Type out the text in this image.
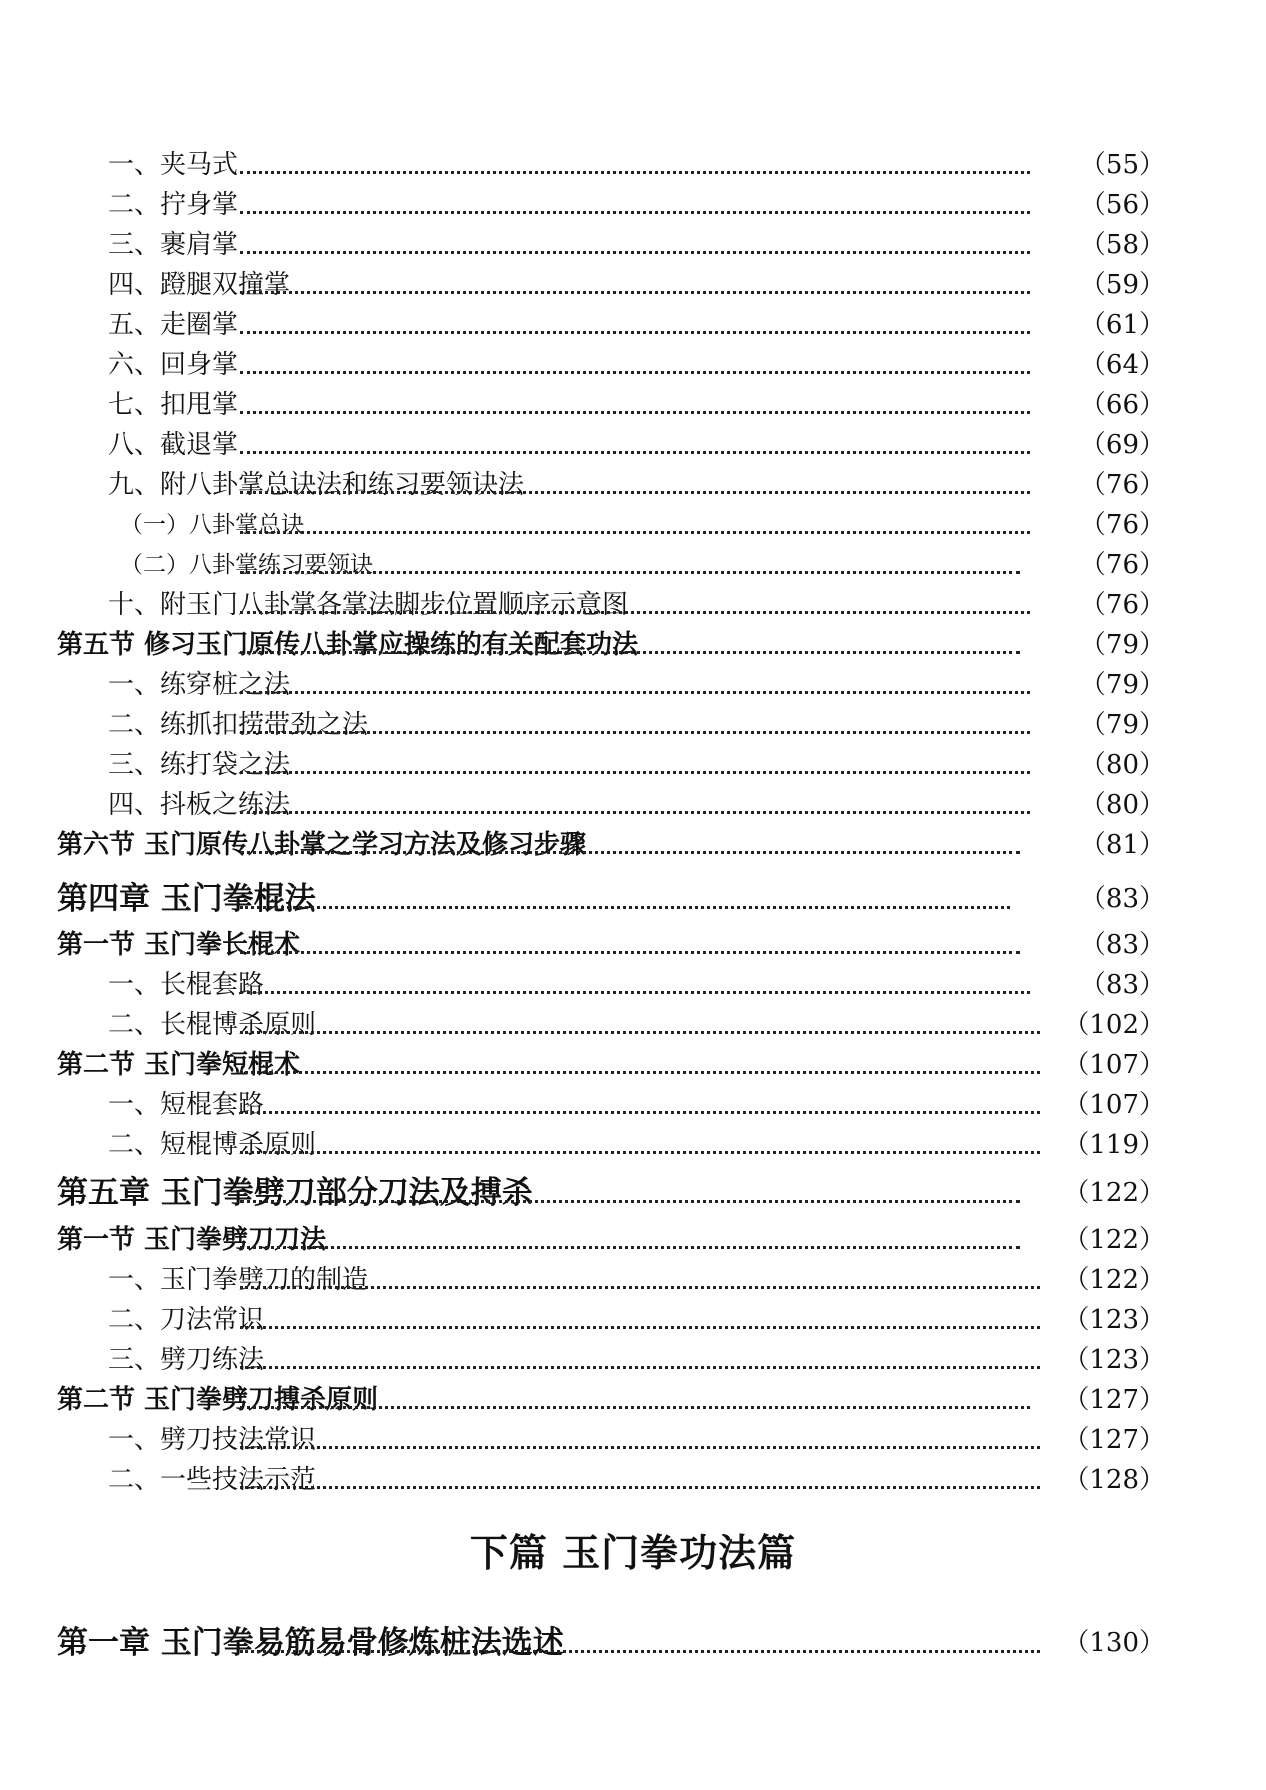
一、夹马式	（55）
二、拧身掌	（56）
三、裹肩掌	（58）
四、蹬腿双撞掌	（59）
五、走圈掌	（61）
六、回身掌	（64）
七、扣甩掌	（66）
八、截退掌	（69）
九、附八卦掌总诀法和练习要领诀法	（76）
（一）八卦掌总诀	（76）
（二）八卦掌练习要领诀	（76）
十、附玉门八卦掌各掌法脚步位置顺序示意图	（76）
第五节 修习玉门原传八卦掌应操练的有关配套功法	（79）
一、练穿桩之法	（79）
二、练抓扣捞带劲之法	（79）
三、练打袋之法	（80）
四、抖板之练法	（80）
第六节 玉门原传八卦掌之学习方法及修习步骤	（81）
第四章 玉门拳棍法	（83）
第一节 玉门拳长棍术	（83）
一、长棍套路	（83）
二、长棍博杀原则	（102）
第二节 玉门拳短棍术	（107）
一、短棍套路	（107）
二、短棍博杀原则	（119）
第五章 玉门拳劈刀部分刀法及搏杀	（122）
第一节 玉门拳劈刀刀法	（122）
一、玉门拳劈刀的制造	（122）
二、刀法常识	（123）
三、劈刀练法	（123）
第二节 玉门拳劈刀搏杀原则	（127）
一、劈刀技法常识	（127）
二、一些技法示范	（128）
下篇 玉门拳功法篇
第一章 玉门拳易筋易骨修炼桩法选述	（130）
